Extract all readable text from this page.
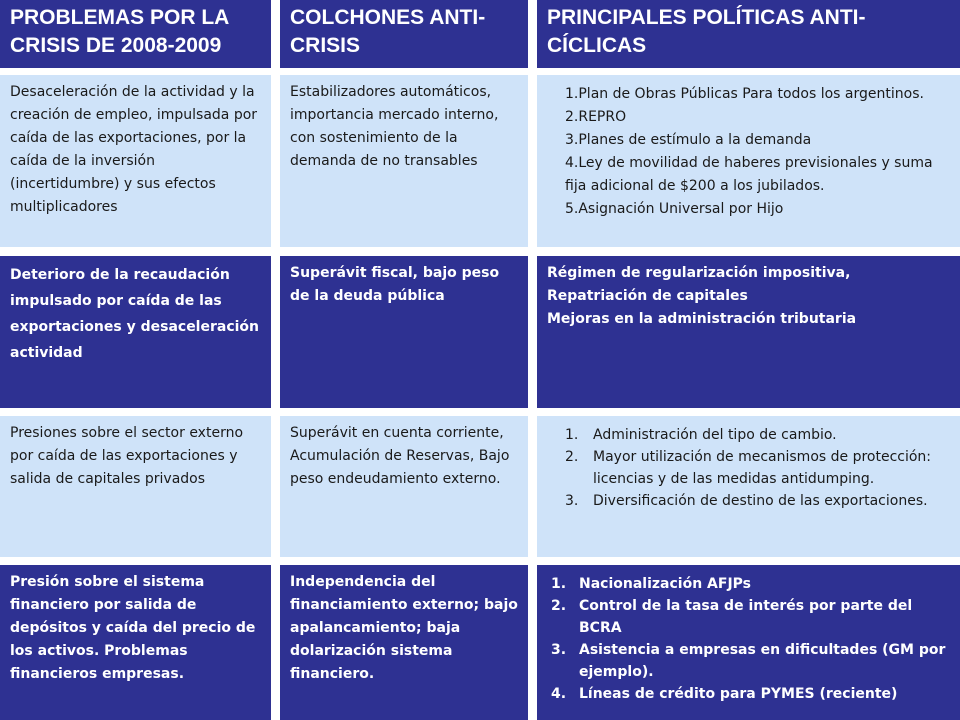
PROBLEMAS POR LA CRISIS DE 2008-2009
COLCHONES ANTI-CRISIS
PRINCIPALES POLÍTICAS ANTI-CÍCLICAS
Desaceleración de la actividad y la creación de empleo, impulsada por caída de las exportaciones, por la caída de la inversión (incertidumbre) y sus efectos multiplicadores
Estabilizadores automáticos, importancia mercado interno, con sostenimiento de la demanda de no transables
1.Plan de Obras Públicas Para todos los argentinos.
2.REPRO
3.Planes de estímulo a la demanda
4.Ley de movilidad de haberes previsionales y suma fija adicional de $200 a los jubilados.
5.Asignación Universal por Hijo
Deterioro de la recaudación impulsado por caída de las exportaciones y desaceleración actividad
Superávit fiscal, bajo peso de la deuda pública
Régimen de regularización impositiva,
Repatriación de capitales
Mejoras en la administración tributaria
Presiones sobre el sector externo por caída de las exportaciones y salida de capitales privados
Superávit en cuenta corriente, Acumulación de Reservas, Bajo peso endeudamiento externo.
1. Administración del tipo de cambio.
2. Mayor utilización de mecanismos de protección: licencias y de las medidas antidumping.
3. Diversificación de destino de las exportaciones.
Presión sobre el sistema financiero por salida de depósitos y caída del precio de los activos. Problemas financieros empresas.
Independencia del financiamiento externo; bajo apalancamiento; baja dolarización sistema financiero.
1. Nacionalización AFJPs
2. Control de la tasa de interés por parte del BCRA
3. Asistencia a empresas en dificultades (GM por ejemplo).
4. Líneas de crédito para PYMES (reciente)
